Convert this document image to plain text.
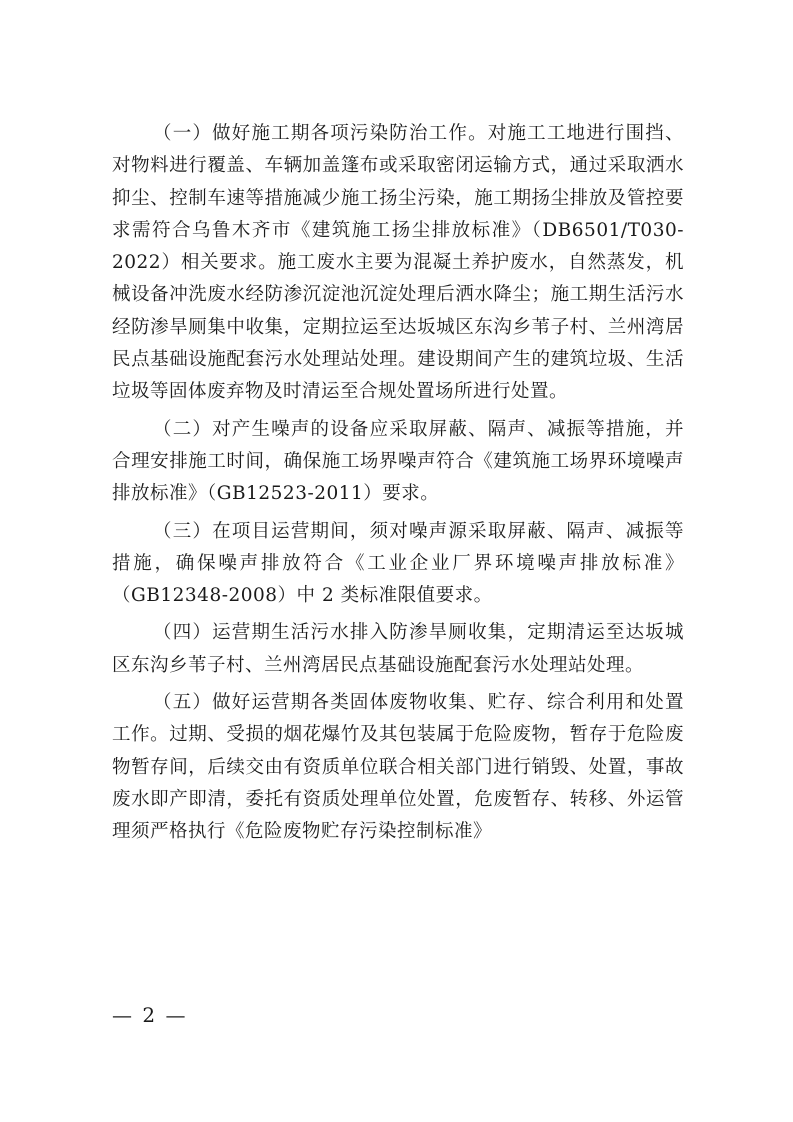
（一）做好施工期各项污染防治工作。对施工工地进行围挡、对物料进行覆盖、车辆加盖篷布或采取密闭运输方式，通过采取洒水抑尘、控制车速等措施减少施工扬尘污染，施工期扬尘排放及管控要求需符合乌鲁木齐市《建筑施工扬尘排放标准》（DB6501/T030-2022）相关要求。施工废水主要为混凝土养护废水，自然蒸发，机械设备冲洗废水经防渗沉淀池沉淀处理后洒水降尘；施工期生活污水经防渗旱厕集中收集，定期拉运至达坂城区东沟乡苇子村、兰州湾居民点基础设施配套污水处理站处理。建设期间产生的建筑垃圾、生活垃圾等固体废弃物及时清运至合规处置场所进行处置。

（二）对产生噪声的设备应采取屏蔽、隔声、减振等措施，并合理安排施工时间，确保施工场界噪声符合《建筑施工场界环境噪声排放标准》（GB12523-2011）要求。

（三）在项目运营期间，须对噪声源采取屏蔽、隔声、减振等措施，确保噪声排放符合《工业企业厂界环境噪声排放标准》（GB12348-2008）中 2 类标准限值要求。

（四）运营期生活污水排入防渗旱厕收集，定期清运至达坂城区东沟乡苇子村、兰州湾居民点基础设施配套污水处理站处理。

（五）做好运营期各类固体废物收集、贮存、综合利用和处置工作。过期、受损的烟花爆竹及其包装属于危险废物，暂存于危险废物暂存间，后续交由有资质单位联合相关部门进行销毁、处置，事故废水即产即清，委托有资质处理单位处置，危废暂存、转移、外运管理须严格执行《危险废物贮存污染控制标准》

— 2 —
